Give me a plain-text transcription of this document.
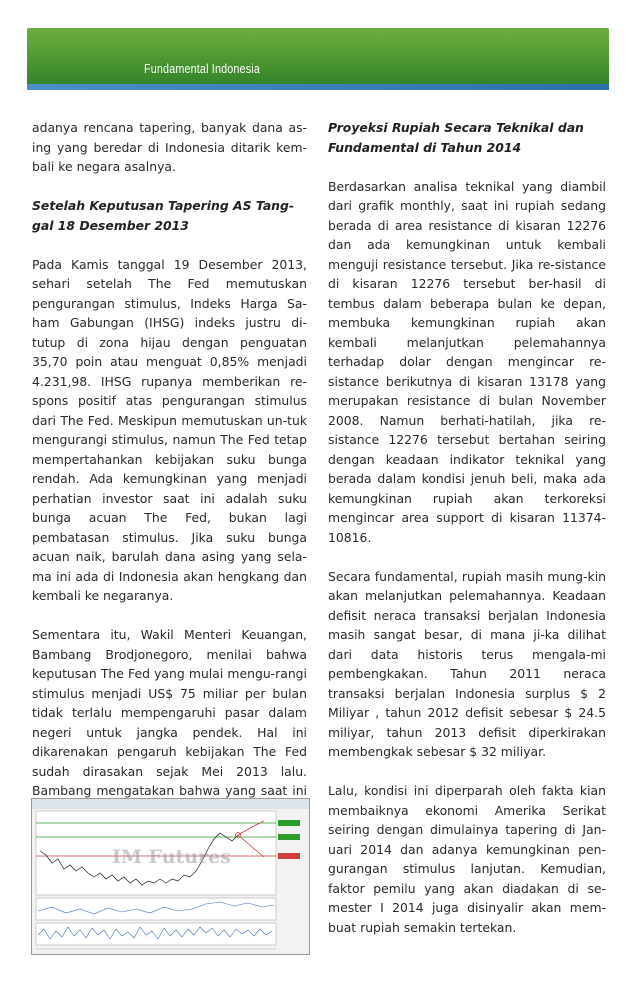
Fundamental Indonesia

adanya rencana tapering, banyak dana as-ing yang beredar di Indonesia ditarik kem-bali ke negara asalnya.

Setelah Keputusan Tapering AS Tang-gal 18 Desember 2013

Pada Kamis tanggal 19 Desember 2013, sehari setelah The Fed memutuskan pengurangan stimulus, Indeks Harga Sa-ham Gabungan (IHSG) indeks justru di-tutup di zona hijau dengan penguatan 35,70 poin atau menguat 0,85% menjadi 4.231,98. IHSG rupanya memberikan re-spons positif atas pengurangan stimulus dari The Fed. Meskipun memutuskan un-tuk mengurangi stimulus, namun The Fed tetap mempertahankan kebijakan suku bunga rendah. Ada kemungkinan yang menjadi perhatian investor saat ini adalah suku bunga acuan The Fed, bukan lagi pembatasan stimulus. Jika suku bunga acuan naik, barulah dana asing yang sela-ma ini ada di Indonesia akan hengkang dan kembali ke negaranya.

Sementara itu, Wakil Menteri Keuangan, Bambang Brodjonegoro, menilai bahwa keputusan The Fed yang mulai mengu-rangi stimulus menjadi US$ 75 miliar per bulan tidak terlalu mempengaruhi pasar dalam negeri untuk jangka pendek. Hal ini dikarenakan pengaruh kebijakan The Fed sudah dirasakan sejak Mei 2013 lalu. Bambang mengatakan bahwa yang saat ini

Proyeksi Rupiah Secara Teknikal dan Fundamental di Tahun 2014

Berdasarkan analisa teknikal yang diambil dari grafik monthly, saat ini rupiah sedang berada di area resistance di kisaran 12276 dan ada kemungkinan untuk kembali menguji resistance tersebut. Jika re-sistance di kisaran 12276 tersebut ber-hasil di tembus dalam beberapa bulan ke depan, membuka kemungkinan rupiah akan kembali melanjutkan pelemahannya terhadap dolar dengan mengincar re-sistance berikutnya di kisaran 13178 yang merupakan resistance di bulan November 2008. Namun berhati-hatilah, jika re-sistance 12276 tersebut bertahan seiring dengan keadaan indikator teknikal yang berada dalam kondisi jenuh beli, maka ada kemungkinan rupiah akan terkoreksi mengincar area support di kisaran 11374-10816.

Secara fundamental, rupiah masih mung-kin akan melanjutkan pelemahannya. Keadaan defisit neraca transaksi berjalan Indonesia masih sangat besar, di mana ji-ka dilihat dari data historis terus mengala-mi pembengkakan. Tahun 2011 neraca transaksi berjalan Indonesia surplus $ 2 Miliyar , tahun 2012 defisit sebesar $ 24.5 miliyar, tahun 2013 defisit diperkirakan membengkak sebesar $ 32 miliyar.

Lalu, kondisi ini diperparah oleh fakta kian membaiknya ekonomi Amerika Serikat seiring dengan dimulainya tapering di Jan-uari 2014 dan adanya kemungkinan pen-gurangan stimulus lanjutan. Kemudian, faktor pemilu yang akan diadakan di se-mester I 2014 juga disinyalir akan mem-buat rupiah semakin tertekan.

IM Futures
